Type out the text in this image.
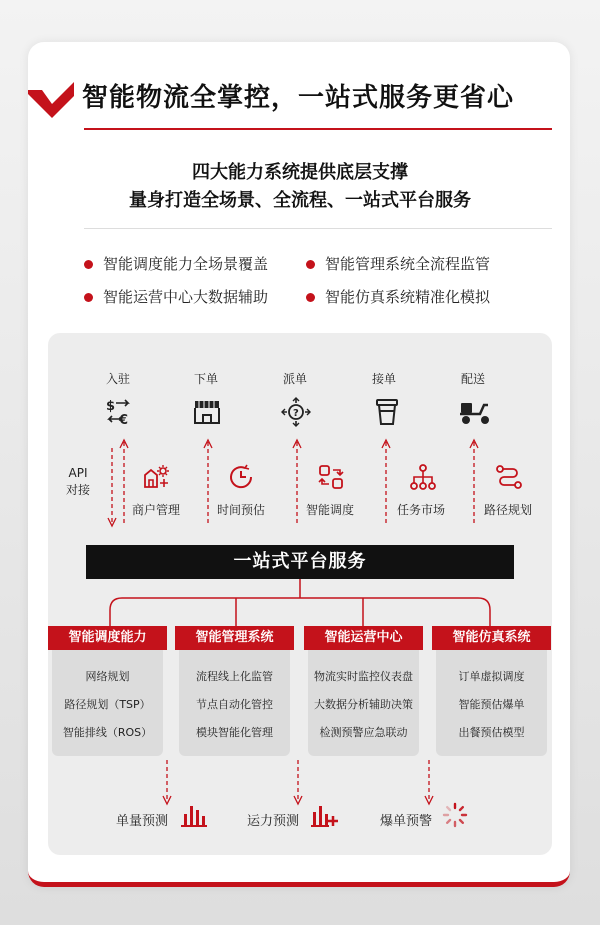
智能物流全掌控，一站式服务更省心
四大能力系统提供底层支撑
量身打造全场景、全流程、一站式平台服务
智能调度能力全场景覆盖	智能管理系统全流程监管
智能运营中心大数据辅助	智能仿真系统精准化模拟
入驻	下单	派单	接单	配送
$
€	?
API
对接
商户管理	时间预估	智能调度	任务市场	路径规划
一站式平台服务
智能调度能力
网络规划
路径规划（TSP）
智能排线（ROS）
智能管理系统
流程线上化监管
节点自动化管控
模块智能化管理
智能运营中心
物流实时监控仪表盘
大数据分析辅助决策
检测预警应急联动
智能仿真系统
订单虚拟调度
智能预估爆单
出餐预估模型
单量预测	运力预测	爆单预警
